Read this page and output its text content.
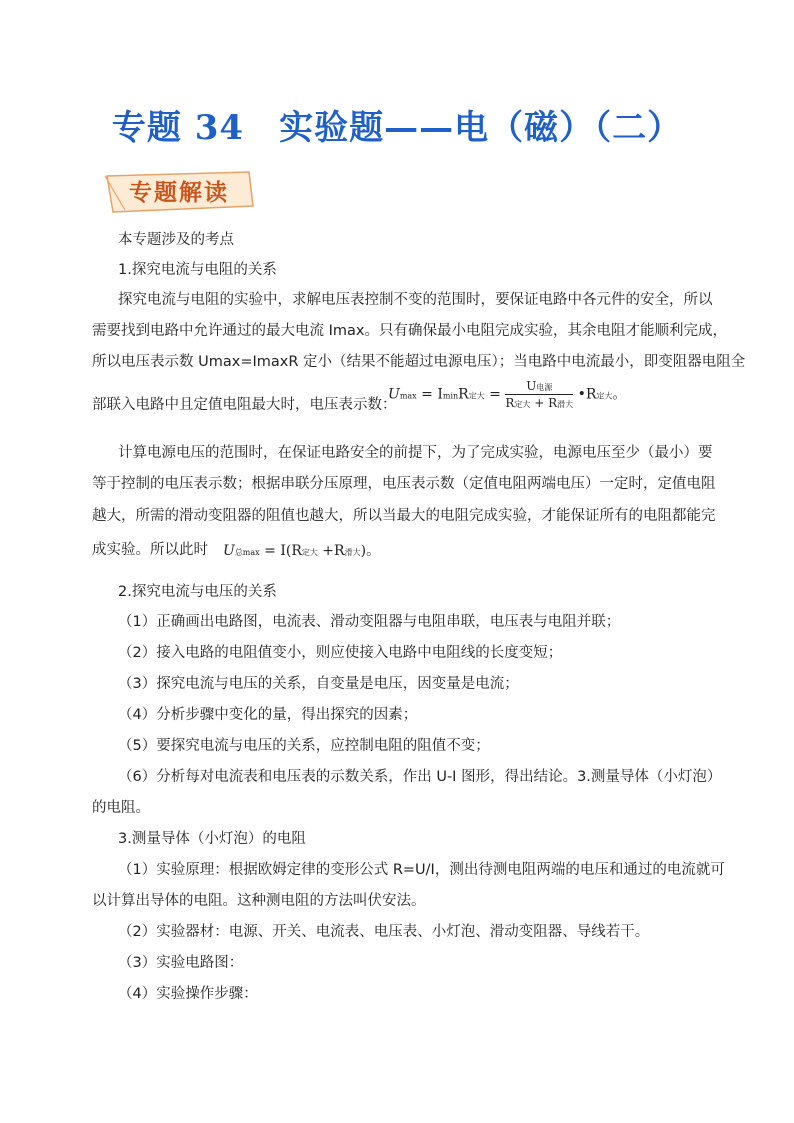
专题 34　实验题——电（磁）（二）
专题解读
本专题涉及的考点
1.探究电流与电阻的关系
探究电流与电阻的实验中，求解电压表控制不变的范围时，要保证电路中各元件的安全，所以
需要找到电路中允许通过的最大电流 Imax。只有确保最小电阻完成实验，其余电阻才能顺利完成，
所以电压表示数 Umax=ImaxR 定小（结果不能超过电源电压）；当电路中电流最小，即变阻器电阻全
部联入电路中且定值电阻最大时，电压表示数：
Umax = IminR定大 = $\frac{\text{U电源}}{\text{R定大 + R滑大}}$ •R定大。
计算电源电压的范围时，在保证电路安全的前提下，为了完成实验，电源电压至少（最小）要
等于控制的电压表示数；根据串联分压原理，电压表示数（定值电阻两端电压）一定时，定值电阻
越大，所需的滑动变阻器的阻值也越大，所以当最大的电阻完成实验，才能保证所有的电阻都能完
成实验。所以此时 U总max = I(R定大 +R滑大)。
2.探究电流与电压的关系
（1）正确画出电路图，电流表、滑动变阻器与电阻串联，电压表与电阻并联；
（2）接入电路的电阻值变小，则应使接入电路中电阻线的长度变短；
（3）探究电流与电压的关系，自变量是电压，因变量是电流；
（4）分析步骤中变化的量，得出探究的因素；
（5）要探究电流与电压的关系，应控制电阻的阻值不变；
（6）分析每对电流表和电压表的示数关系，作出 U-I 图形，得出结论。3.测量导体（小灯泡）
的电阻。
3.测量导体（小灯泡）的电阻
（1）实验原理：根据欧姆定律的变形公式 R=U/I，测出待测电阻两端的电压和通过的电流就可
以计算出导体的电阻。这种测电阻的方法叫伏安法。
（2）实验器材：电源、开关、电流表、电压表、小灯泡、滑动变阻器、导线若干。
（3）实验电路图：
（4）实验操作步骤：
